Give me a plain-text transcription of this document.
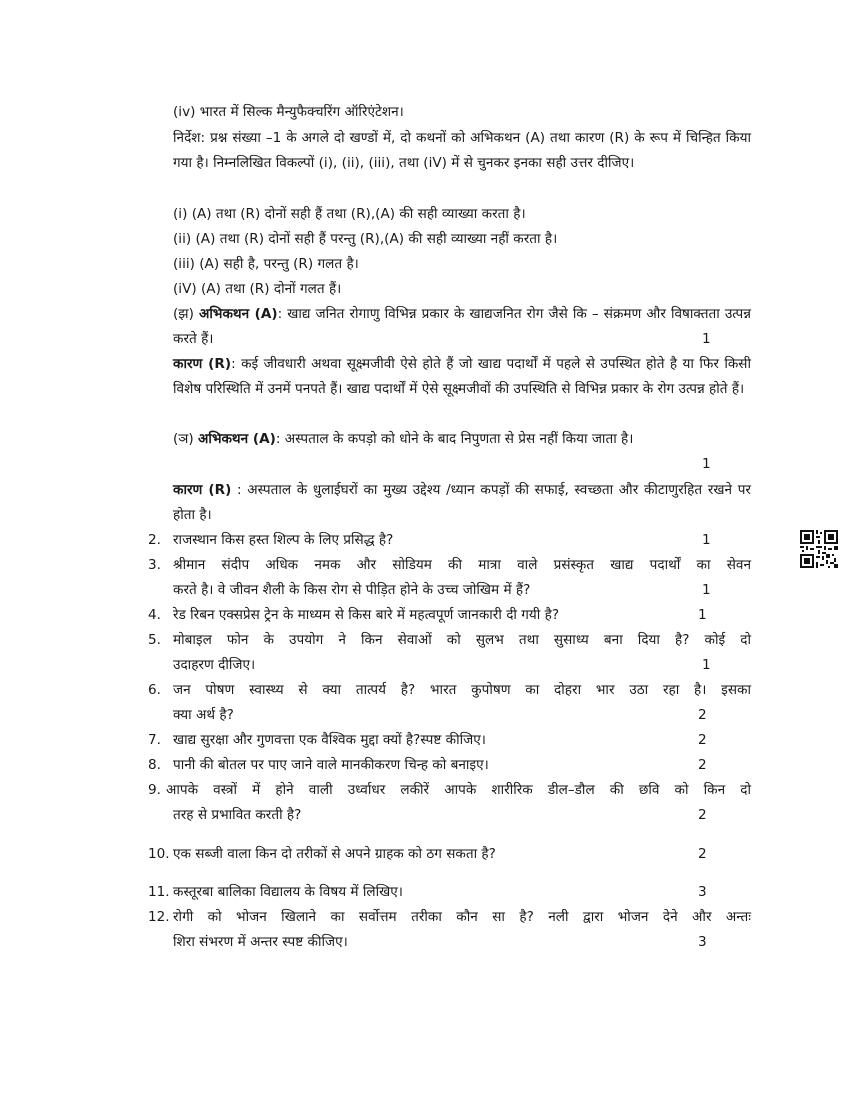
(iv) भारत में सिल्क मैन्युफैक्चरिंग ऑरिएंटेशन।
निर्देश: प्रश्न संख्या –1 के अगले दो खण्डों में, दो कथनों को अभिकथन (A) तथा कारण (R) के रूप में चिन्हित किया गया है। निम्नलिखित विकल्पों (i), (ii), (iii), तथा (iV) में से चुनकर इनका सही उत्तर दीजिए।
(i) (A) तथा (R) दोनों सही हैं तथा (R),(A) की सही व्याख्या करता है।
(ii) (A) तथा (R) दोनों सही हैं परन्तु (R),(A) की सही व्याख्या नहीं करता है।
(iii) (A) सही है, परन्तु (R) गलत है।
(iV) (A) तथा (R) दोनों गलत हैं।
(झ) अभिकथन (A): खाद्य जनित रोगाणु विभिन्न प्रकार के खाद्यजनित रोग जैसे कि – संक्रमण और विषाक्तता उत्पन्न करते हैं।	1
कारण (R): कई जीवधारी अथवा सूक्ष्मजीवी ऐसे होते हैं जो खाद्य पदार्थों में पहले से उपस्थित होते है या फिर किसी विशेष परिस्थिति में उनमें पनपते हैं। खाद्य पदार्थों में ऐसे सूक्ष्मजीवों की उपस्थिति से विभिन्न प्रकार के रोग उत्पन्न होते हैं।
(ञ) अभिकथन (A): अस्पताल के कपड़ो को धोने के बाद निपुणता से प्रेस नहीं किया जाता है।
1
कारण (R) : अस्पताल के धुलाईघरों का मुख्य उद्देश्य /ध्यान कपड़ों की सफाई, स्वच्छता और कीटाणुरहित रखने पर होता है।
2. राजस्थान किस हस्त शिल्प के लिए प्रसिद्ध है?	1
3. श्रीमान संदीप अधिक नमक और सोडियम की मात्रा वाले प्रसंस्कृत खाद्य पदार्थों का सेवन
करते है। वे जीवन शैली के किस रोग से पीड़ित होने के उच्च जोखिम में हैं?	1
4. रेड रिबन एक्सप्रेस ट्रेन के माध्यम से किस बारे में महत्वपूर्ण जानकारी दी गयी है?	1
5. मोबाइल फोन के उपयोग ने किन सेवाओं को सुलभ तथा सुसाध्य बना दिया है? कोई दो
उदाहरण दीजिए।	1
6. जन पोषण स्वास्थ्य से क्या तात्पर्य है? भारत कुपोषण का दोहरा भार उठा रहा है। इसका
क्या अर्थ है?	2
7. खाद्य सुरक्षा और गुणवत्ता एक वैश्विक मुद्दा क्यों है?स्पष्ट कीजिए।	2
8. पानी की बोतल पर पाए जाने वाले मानकीकरण चिन्ह को बनाइए।	2
9. आपके वस्त्रों में होने वाली उर्ध्वाधर लकीरें आपके शारीरिक डील–डौल की छवि को किन दो
तरह से प्रभावित करती है?	2
10. एक सब्जी वाला किन दो तरीकों से अपने ग्राहक को ठग सकता है?	2
11. कस्तूरबा बालिका विद्यालय के विषय में लिखिए।	3
12. रोगी को भोजन खिलाने का सर्वोत्तम तरीका कौन सा है? नली द्वारा भोजन देने और अन्तः
शिरा संभरण में अन्तर स्पष्ट कीजिए।	3
